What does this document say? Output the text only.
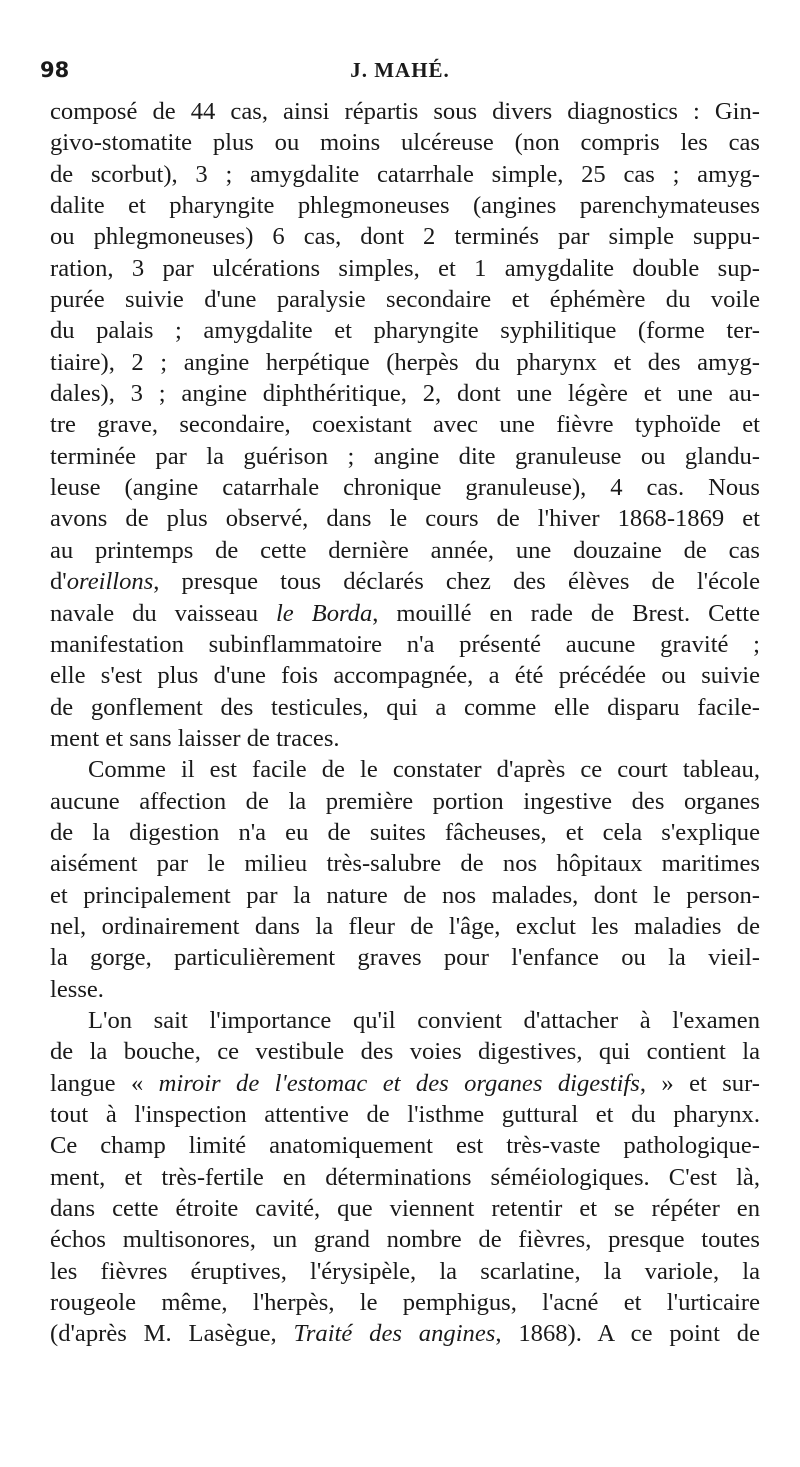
98	J. MAHÉ.
composé de 44 cas, ainsi répartis sous divers diagnostics : Gin-
givo-stomatite plus ou moins ulcéreuse (non compris les cas
de scorbut), 3 ; amygdalite catarrhale simple, 25 cas ; amyg-
dalite et pharyngite phlegmoneuses (angines parenchymateuses
ou phlegmoneuses) 6 cas, dont 2 terminés par simple suppu-
ration, 3 par ulcérations simples, et 1 amygdalite double sup-
purée suivie d'une paralysie secondaire et éphémère du voile
du palais ; amygdalite et pharyngite syphilitique (forme ter-
tiaire), 2 ; angine herpétique (herpès du pharynx et des amyg-
dales), 3 ; angine diphthéritique, 2, dont une légère et une au-
tre grave, secondaire, coexistant avec une fièvre typhoïde et
terminée par la guérison ; angine dite granuleuse ou glandu-
leuse (angine catarrhale chronique granuleuse), 4 cas. Nous
avons de plus observé, dans le cours de l'hiver 1868-1869 et
au printemps de cette dernière année, une douzaine de cas
d'oreillons, presque tous déclarés chez des élèves de l'école
navale du vaisseau le Borda, mouillé en rade de Brest. Cette
manifestation subinflammatoire n'a présenté aucune gravité ;
elle s'est plus d'une fois accompagnée, a été précédée ou suivie
de gonflement des testicules, qui a comme elle disparu facile-
ment et sans laisser de traces.
Comme il est facile de le constater d'après ce court tableau,
aucune affection de la première portion ingestive des organes
de la digestion n'a eu de suites fâcheuses, et cela s'explique
aisément par le milieu très-salubre de nos hôpitaux maritimes
et principalement par la nature de nos malades, dont le person-
nel, ordinairement dans la fleur de l'âge, exclut les maladies de
la gorge, particulièrement graves pour l'enfance ou la vieil-
lesse.
L'on sait l'importance qu'il convient d'attacher à l'examen
de la bouche, ce vestibule des voies digestives, qui contient la
langue « miroir de l'estomac et des organes digestifs, » et sur-
tout à l'inspection attentive de l'isthme guttural et du pharynx.
Ce champ limité anatomiquement est très-vaste pathologique-
ment, et très-fertile en déterminations séméiologiques. C'est là,
dans cette étroite cavité, que viennent retentir et se répéter en
échos multisonores, un grand nombre de fièvres, presque toutes
les fièvres éruptives, l'érysipèle, la scarlatine, la variole, la
rougeole même, l'herpès, le pemphigus, l'acné et l'urticaire
(d'après M. Lasègue, Traité des angines, 1868). A ce point de
